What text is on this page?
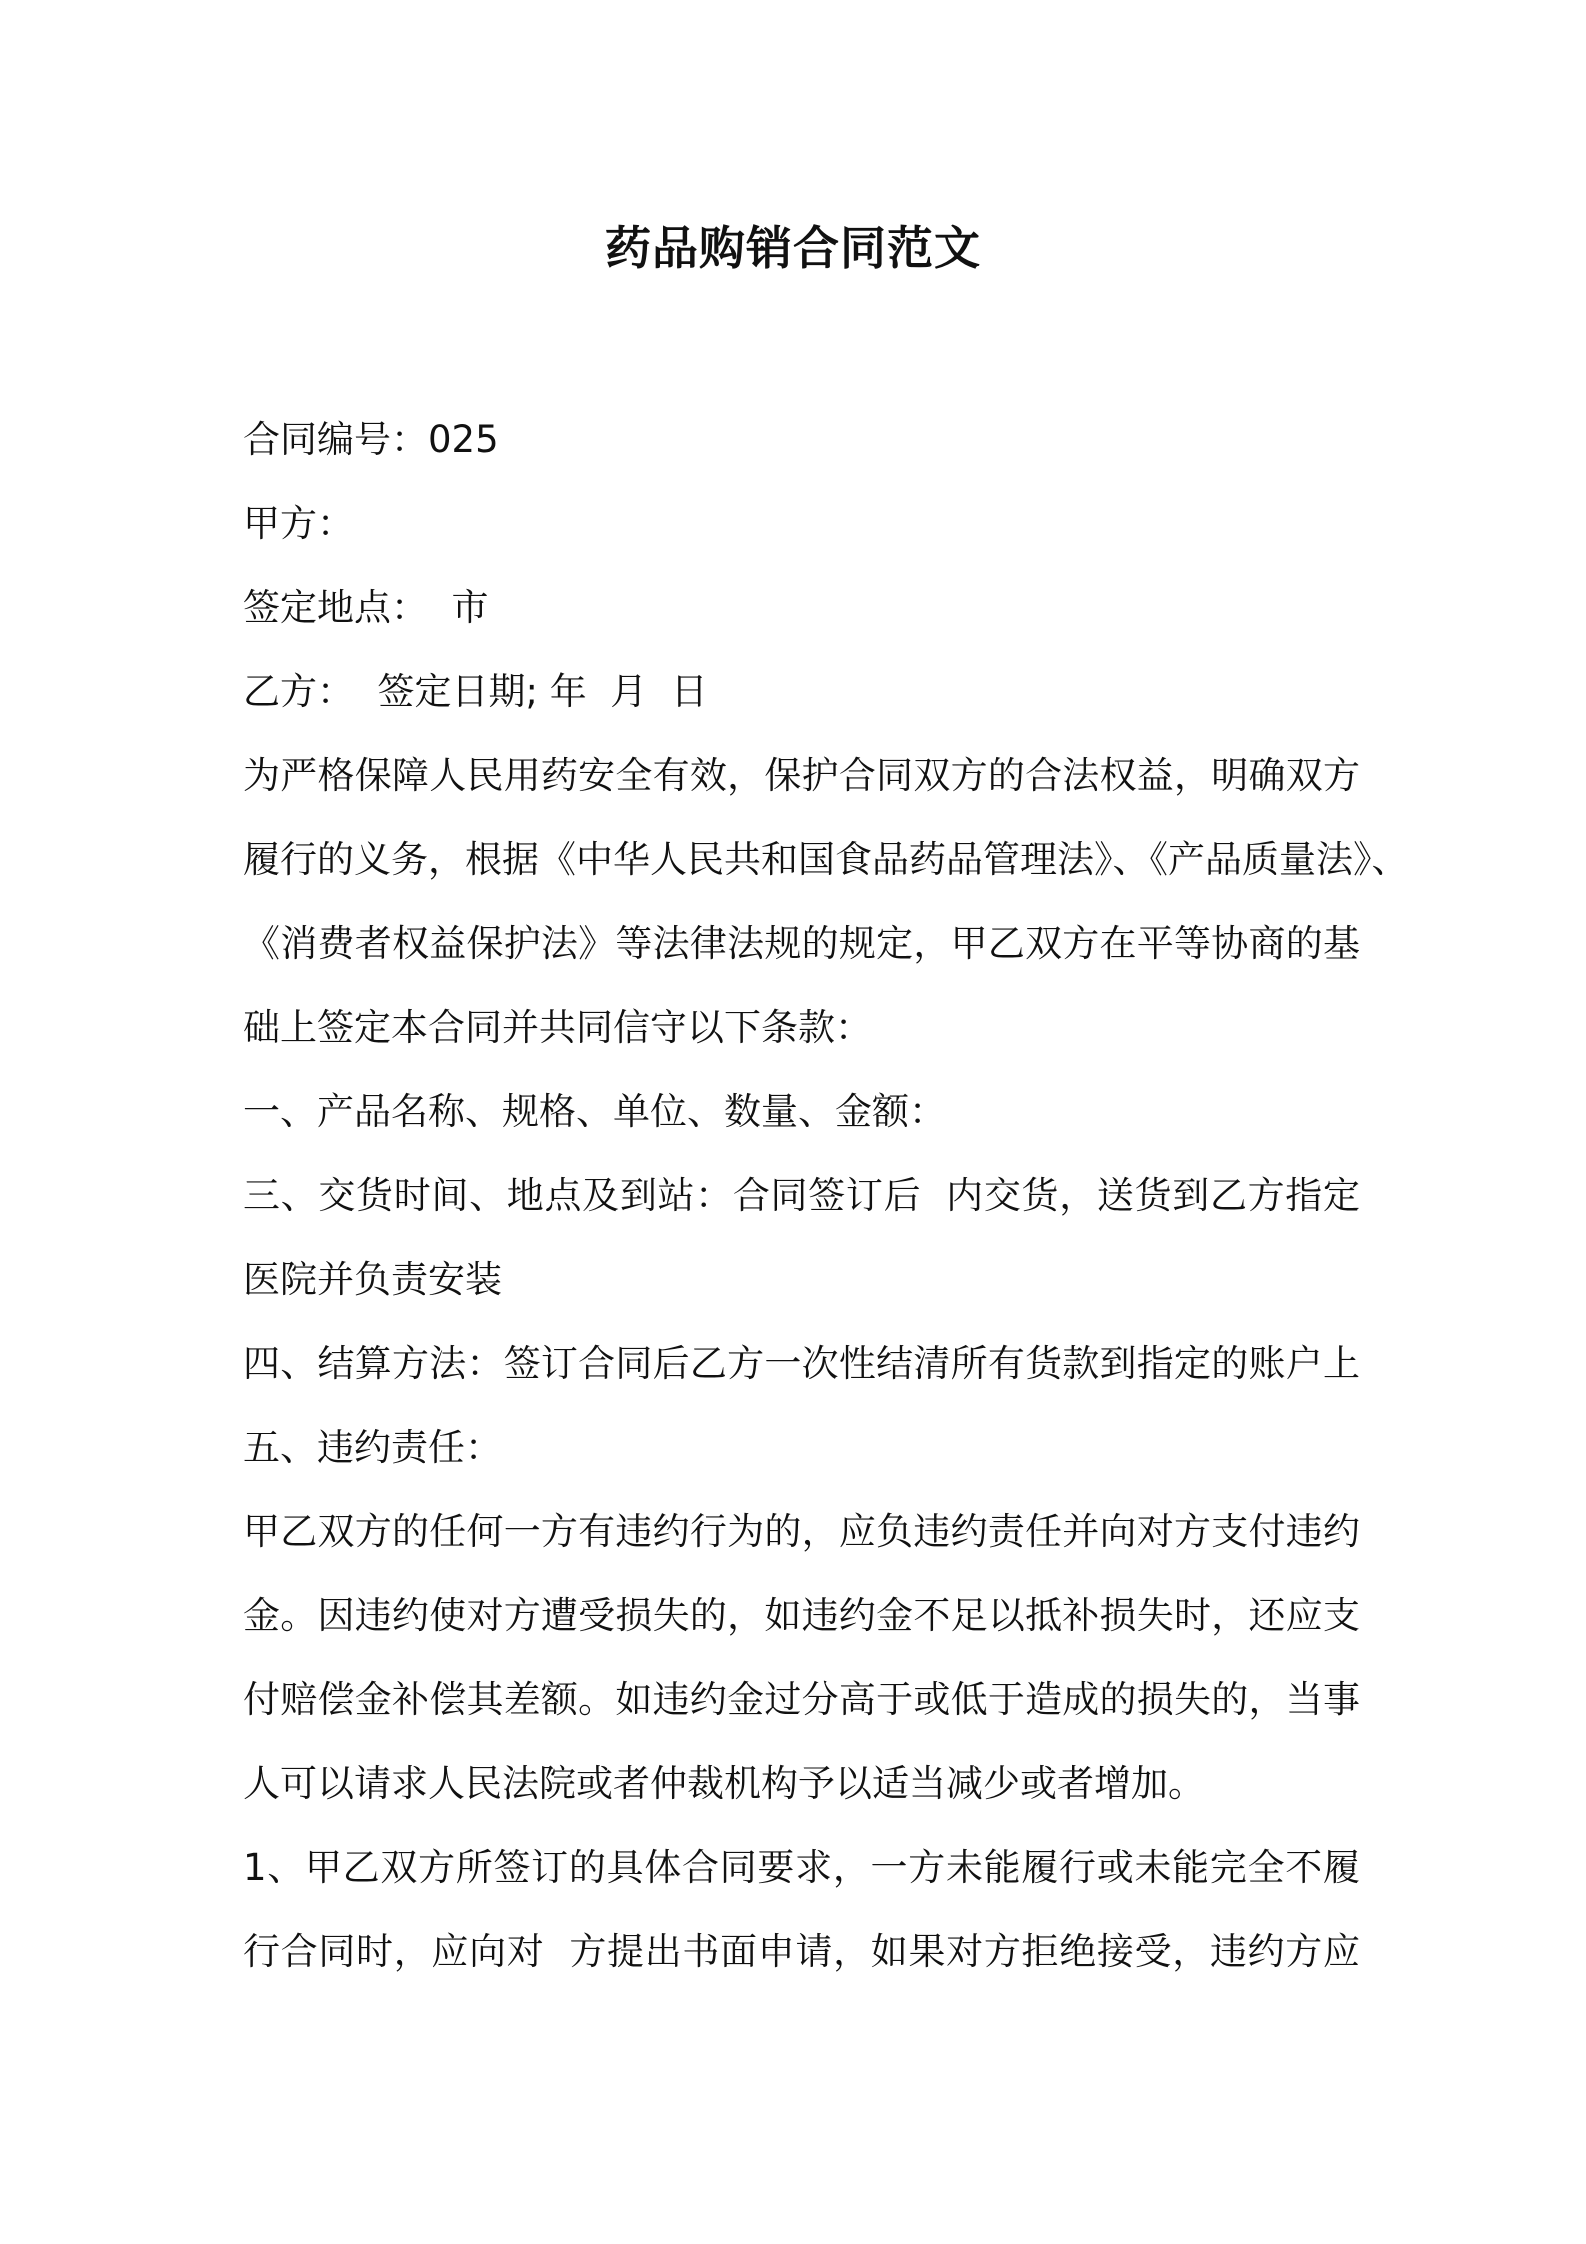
药品购销合同范文
合同编号：025
甲方：
签定地点：  市
乙方：  签定日期; 年  月  日
为严格保障人民用药安全有效，保护合同双方的合法权益，明确双方
履行的义务，根据《中华人民共和国食品药品管理法》、《产品质量法》、
《消费者权益保护法》等法律法规的规定，甲乙双方在平等协商的基
础上签定本合同并共同信守以下条款：
一、产品名称、规格、单位、数量、金额：
三、交货时间、地点及到站：合同签订后  内交货，送货到乙方指定
医院并负责安装
四、结算方法：签订合同后乙方一次性结清所有货款到指定的账户上
五、违约责任：
甲乙双方的任何一方有违约行为的，应负违约责任并向对方支付违约
金。因违约使对方遭受损失的，如违约金不足以抵补损失时，还应支
付赔偿金补偿其差额。如违约金过分高于或低于造成的损失的，当事
人可以请求人民法院或者仲裁机构予以适当减少或者增加。
1、甲乙双方所签订的具体合同要求，一方未能履行或未能完全不履
行合同时，应向对  方提出书面申请，如果对方拒绝接受，违约方应
